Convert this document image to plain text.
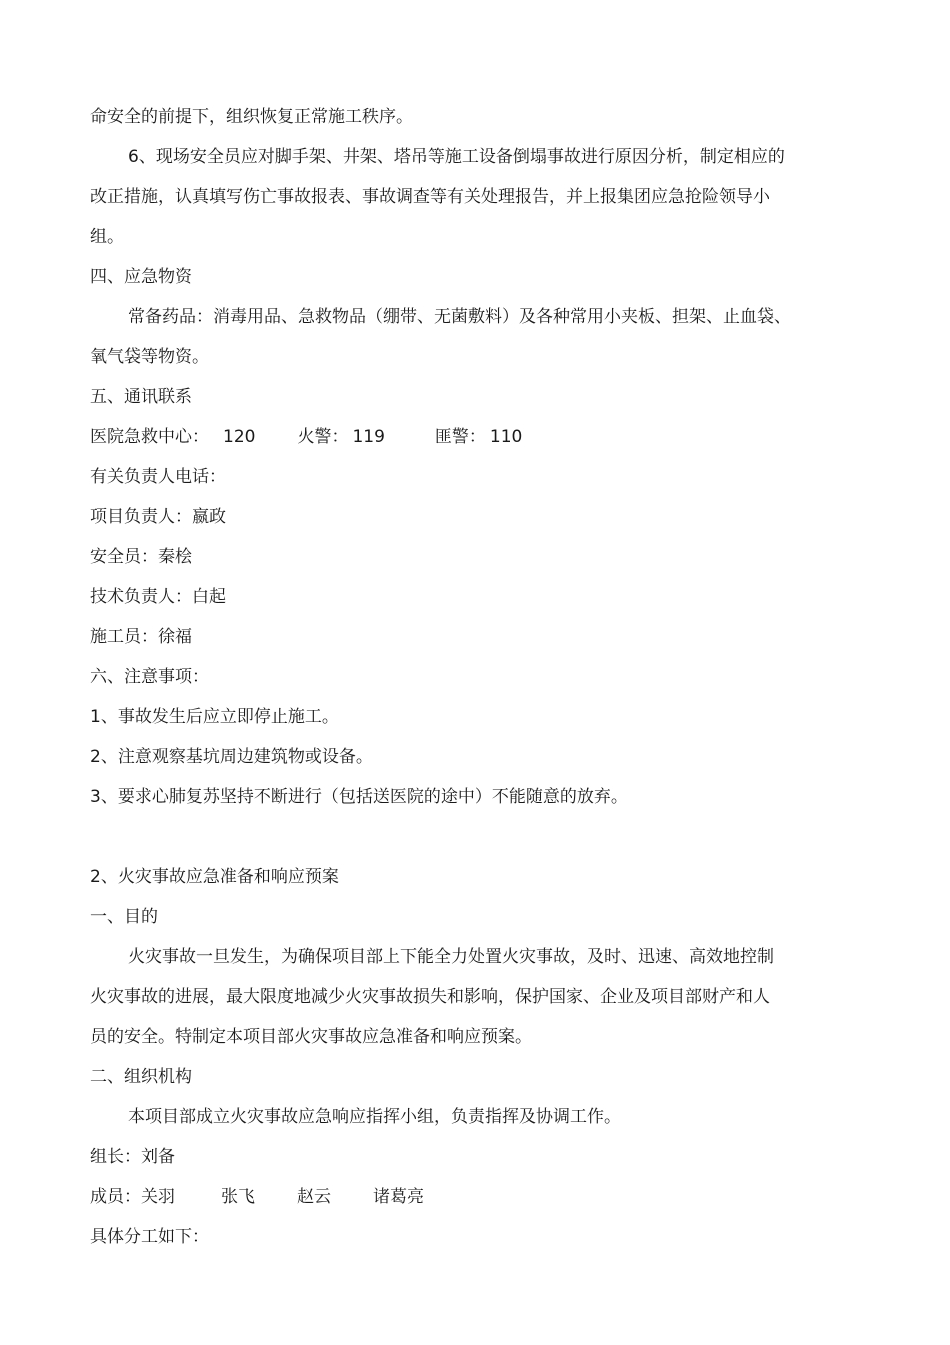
命安全的前提下，组织恢复正常施工秩序。
6、现场安全员应对脚手架、井架、塔吊等施工设备倒塌事故进行原因分析，制定相应的
改正措施，认真填写伤亡事故报表、事故调查等有关处理报告，并上报集团应急抢险领导小
组。
四、应急物资
常备药品：消毒用品、急救物品（绷带、无菌敷料）及各种常用小夹板、担架、止血袋、
氧气袋等物资。
五、通讯联系
医院急救中心： 120 火警： 119	匪警： 110
有关负责人电话：
项目负责人：嬴政
安全员：秦桧
技术负责人：白起
施工员：徐福
六、注意事项：
1、事故发生后应立即停止施工。
2、注意观察基坑周边建筑物或设备。
3、要求心肺复苏坚持不断进行（包括送医院的途中）不能随意的放弃。
2、火灾事故应急准备和响应预案
一、目的
火灾事故一旦发生，为确保项目部上下能全力处置火灾事故，及时、迅速、高效地控制
火灾事故的进展，最大限度地减少火灾事故损失和影响，保护国家、企业及项目部财产和人
员的安全。特制定本项目部火灾事故应急准备和响应预案。
二、组织机构
本项目部成立火灾事故应急响应指挥小组，负责指挥及协调工作。
组长：刘备
成员：关羽	张飞 赵云 诸葛亮
具体分工如下：
